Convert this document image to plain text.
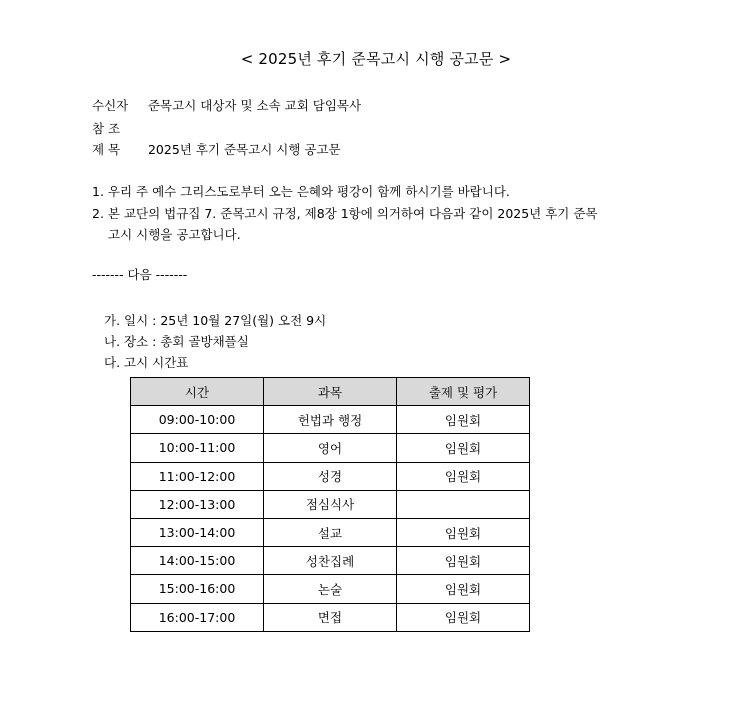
< 2025년 후기 준목고시 시행 공고문 >
수신자 준목고시 대상자 및 소속 교회 담임목사
참 조
제 목 2025년 후기 준목고시 시행 공고문
1. 우리 주 예수 그리스도로부터 오는 은혜와 평강이 함께 하시기를 바랍니다.
2. 본 교단의 법규집 7. 준목고시 규정, 제8장 1항에 의거하여 다음과 같이 2025년 후기 준목
고시 시행을 공고합니다.
------- 다음 -------
가. 일시 : 25년 10월 27일(월) 오전 9시
나. 장소 : 총회 골방채플실
다. 고시 시간표
시간	과목	출제 및 평가
09:00-10:00	헌법과 행정	임원회
10:00-11:00	영어	임원회
11:00-12:00	성경	임원회
12:00-13:00	점심식사	
13:00-14:00	설교	임원회
14:00-15:00	성찬집례	임원회
15:00-16:00	논술	임원회
16:00-17:00	면접	임원회
